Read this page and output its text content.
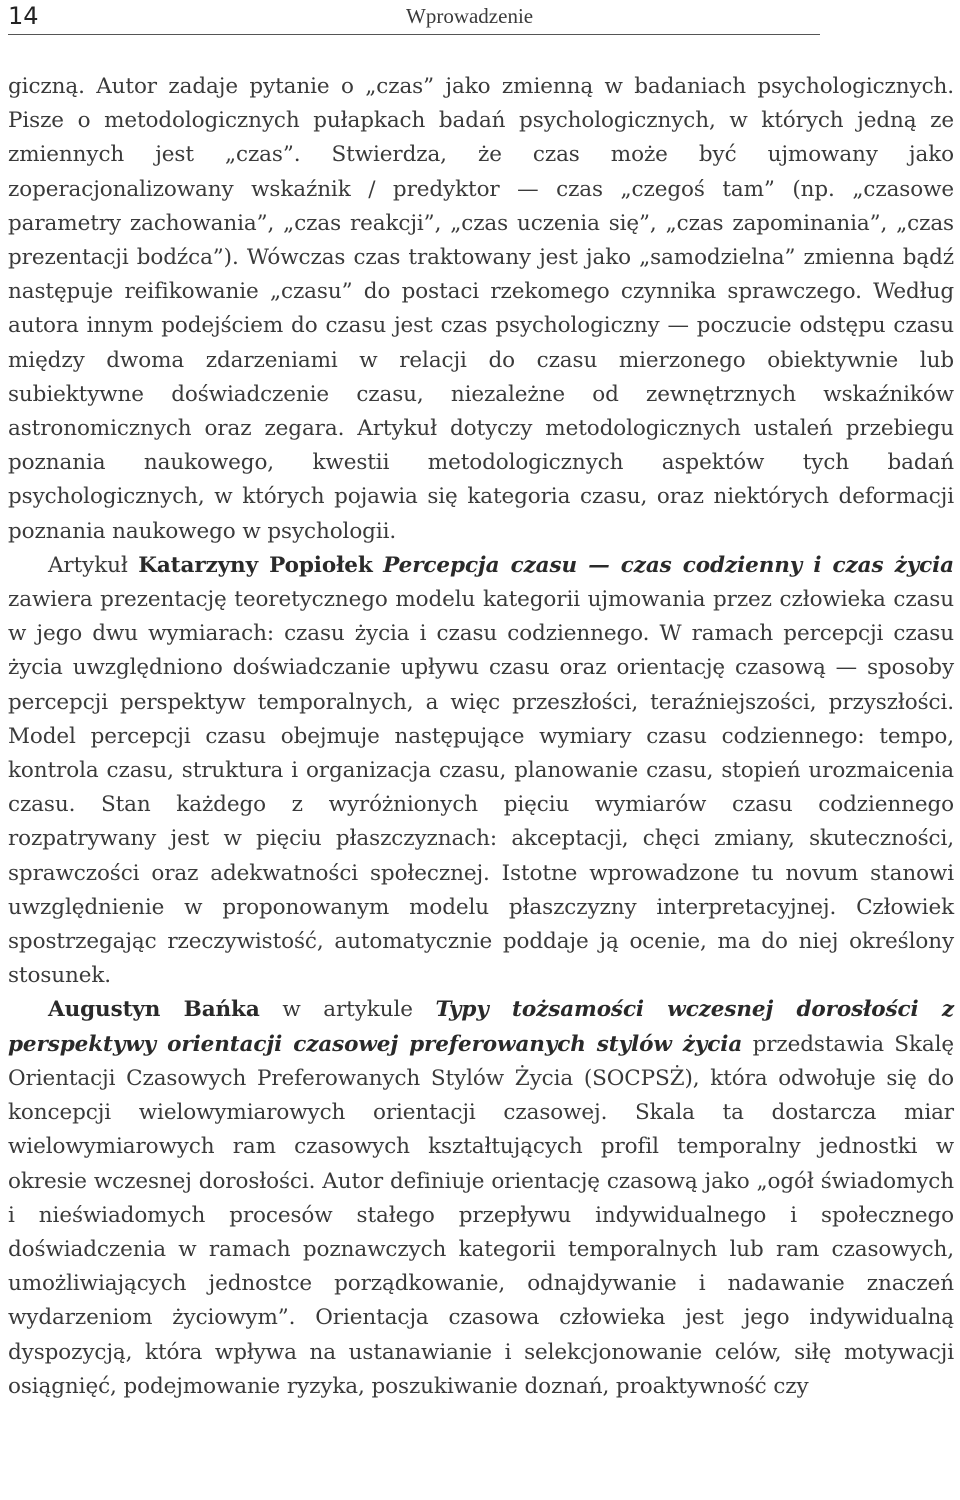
14	Wprowadzenie

giczną. Autor zadaje pytanie o „czas” jako zmienną w badaniach psychologicznych. Pisze o metodologicznych pułapkach badań psychologicznych, w których jedną ze zmiennych jest „czas”. Stwierdza, że czas może być ujmowany jako zoperacjonalizowany wskaźnik / predyktor — czas „czegoś tam” (np. „czasowe parametry zachowania”, „czas reakcji”, „czas uczenia się”, „czas zapominania”, „czas prezentacji bodźca”). Wówczas czas traktowany jest jako „samodzielna” zmienna bądź następuje reifikowanie „czasu” do postaci rzekomego czynnika sprawczego. Według autora innym podejściem do czasu jest czas psychologiczny — poczucie odstępu czasu między dwoma zdarzeniami w relacji do czasu mierzonego obiektywnie lub subiektywne doświadczenie czasu, niezależne od zewnętrznych wskaźników astronomicznych oraz zegara. Artykuł dotyczy metodologicznych ustaleń przebiegu poznania naukowego, kwestii metodologicznych aspektów tych badań psychologicznych, w których pojawia się kategoria czasu, oraz niektórych deformacji poznania naukowego w psychologii.

Artykuł Katarzyny Popiołek Percepcja czasu — czas codzienny i czas życia zawiera prezentację teoretycznego modelu kategorii ujmowania przez człowieka czasu w jego dwu wymiarach: czasu życia i czasu codziennego. W ramach percepcji czasu życia uwzględniono doświadczanie upływu czasu oraz orientację czasową — sposoby percepcji perspektyw temporalnych, a więc przeszłości, teraźniejszości, przyszłości. Model percepcji czasu obejmuje następujące wymiary czasu codziennego: tempo, kontrola czasu, struktura i organizacja czasu, planowanie czasu, stopień urozmaicenia czasu. Stan każdego z wyróżnionych pięciu wymiarów czasu codziennego rozpatrywany jest w pięciu płaszczyznach: akceptacji, chęci zmiany, skuteczności, sprawczości oraz adekwatności społecznej. Istotne wprowadzone tu novum stanowi uwzględnienie w proponowanym modelu płaszczyzny interpretacyjnej. Człowiek spostrzegając rzeczywistość, automatycznie poddaje ją ocenie, ma do niej określony stosunek.

Augustyn Bańka w artykule Typy tożsamości wczesnej dorosłości z perspektywy orientacji czasowej preferowanych stylów życia przedstawia Skalę Orientacji Czasowych Preferowanych Stylów Życia (SOCPSŻ), która odwołuje się do koncepcji wielowymiarowych orientacji czasowej. Skala ta dostarcza miar wielowymiarowych ram czasowych kształtujących profil temporalny jednostki w okresie wczesnej dorosłości. Autor definiuje orientację czasową jako „ogół świadomych i nieświadomych procesów stałego przepływu indywidualnego i społecznego doświadczenia w ramach poznawczych kategorii temporalnych lub ram czasowych, umożliwiających jednostce porządkowanie, odnajdywanie i nadawanie znaczeń wydarzeniom życiowym”. Orientacja czasowa człowieka jest jego indywidualną dyspozycją, która wpływa na ustanawianie i selekcjonowanie celów, siłę motywacji osiągnięć, podejmowanie ryzyka, poszukiwanie doznań, proaktywność czy
